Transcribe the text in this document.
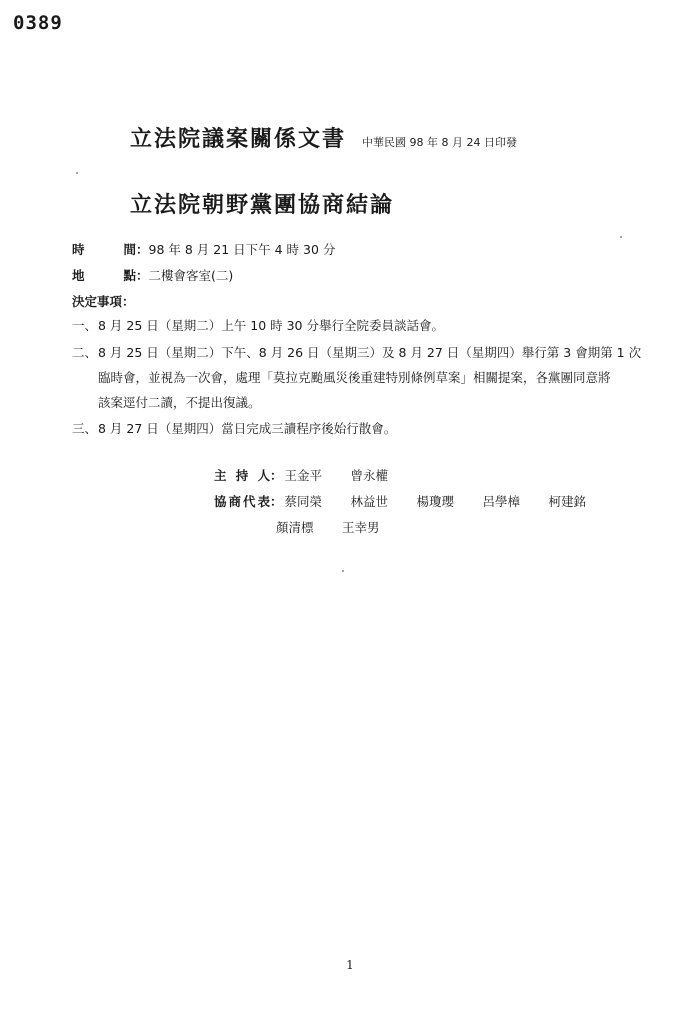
0389
立法院議案關係文書 中華民國 98 年 8 月 24 日印發
立法院朝野黨團協商結論
時間：98 年 8 月 21 日下午 4 時 30 分
地點：二樓會客室(二)
決定事項：
一、8 月 25 日（星期二）上午 10 時 30 分舉行全院委員談話會。
二、8 月 25 日（星期二）下午、8 月 26 日（星期三）及 8 月 27 日（星期四）舉行第 3 會期第 1 次
臨時會，並視為一次會，處理「莫拉克颱風災後重建特別條例草案」相關提案，各黨團同意將
該案逕付二讀，不提出復議。
三、8 月 27 日（星期四）當日完成三讀程序後始行散會。
主持人： 王金平 曾永權
協商代表： 蔡同榮 林益世 楊瓊瓔 呂學樟 柯建銘
顏清標 王幸男
1
